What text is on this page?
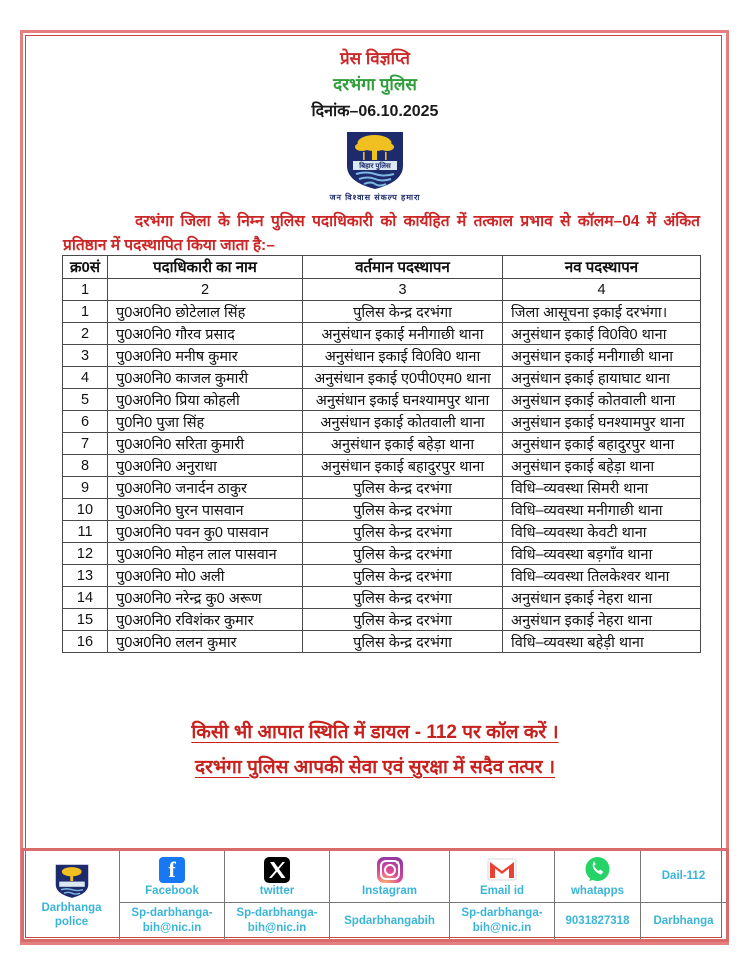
प्रेस विज्ञप्ति
दरभंगा पुलिस
दिनांक–06.10.2025
बिहार पुलिस
जन विश्वास संकल्प हमारा
दरभंगा जिला के निम्न पुलिस पदाधिकारी को कार्यहित में तत्काल प्रभाव से कॉलम–04 में अंकित प्रतिष्ठान में पदस्थापित किया जाता है:–
क्र0सं	पदाधिकारी का नाम	वर्तमान पदस्थापन	नव पदस्थापन
1	2	3	4
1	पु0अ0नि0 छोटेलाल सिंह	पुलिस केन्द्र दरभंगा	जिला आसूचना इकाई दरभंगा।
2	पु0अ0नि0 गौरव प्रसाद	अनुसंधान इकाई मनीगाछी थाना	अनुसंधान इकाई वि0वि0 थाना
3	पु0अ0नि0 मनीष कुमार	अनुसंधान इकाई वि0वि0 थाना	अनुसंधान इकाई मनीगाछी थाना
4	पु0अ0नि0 काजल कुमारी	अनुसंधान इकाई ए0पी0एम0 थाना	अनुसंधान इकाई हायाघाट थाना
5	पु0अ0नि0 प्रिया कोहली	अनुसंधान इकाई घनश्यामपुर थाना	अनुसंधान इकाई कोतवाली थाना
6	पु0नि0 पुजा सिंह	अनुसंधान इकाई कोतवाली थाना	अनुसंधान इकाई घनश्यामपुर थाना
7	पु0अ0नि0 सरिता कुमारी	अनुसंधान इकाई बहेड़ा थाना	अनुसंधान इकाई बहादुरपुर थाना
8	पु0अ0नि0 अनुराधा	अनुसंधान इकाई बहादुरपुर थाना	अनुसंधान इकाई बहेड़ा थाना
9	पु0अ0नि0 जनार्दन ठाकुर	पुलिस केन्द्र दरभंगा	विधि–व्यवस्था सिमरी थाना
10	पु0अ0नि0 घुरन पासवान	पुलिस केन्द्र दरभंगा	विधि–व्यवस्था मनीगाछी थाना
11	पु0अ0नि0 पवन कु0 पासवान	पुलिस केन्द्र दरभंगा	विधि–व्यवस्था केवटी थाना
12	पु0अ0नि0 मोहन लाल पासवान	पुलिस केन्द्र दरभंगा	विधि–व्यवस्था बड़गाँव थाना
13	पु0अ0नि0 मो0 अली	पुलिस केन्द्र दरभंगा	विधि–व्यवस्था तिलकेश्वर थाना
14	पु0अ0नि0 नरेन्द्र कु0 अरूण	पुलिस केन्द्र दरभंगा	अनुसंधान इकाई नेहरा थाना
15	पु0अ0नि0 रविशंकर कुमार	पुलिस केन्द्र दरभंगा	अनुसंधान इकाई नेहरा थाना
16	पु0अ0नि0 ललन कुमार	पुलिस केन्द्र दरभंगा	विधि–व्यवस्था बहेड़ी थाना
किसी भी आपात स्थिति में डायल - 112 पर कॉल करें ।
दरभंगा पुलिस आपकी सेवा एवं सुरक्षा में सदैव तत्पर ।
Darbhanga police	f
Facebook	twitter	Instagram	Email id	whatapps	Dail-112

	Sp-darbhanga-bih@nic.in	Sp-darbhanga-bih@nic.in	Spdarbhangabih	Sp-darbhanga-bih@nic.in	9031827318	Darbhanga
